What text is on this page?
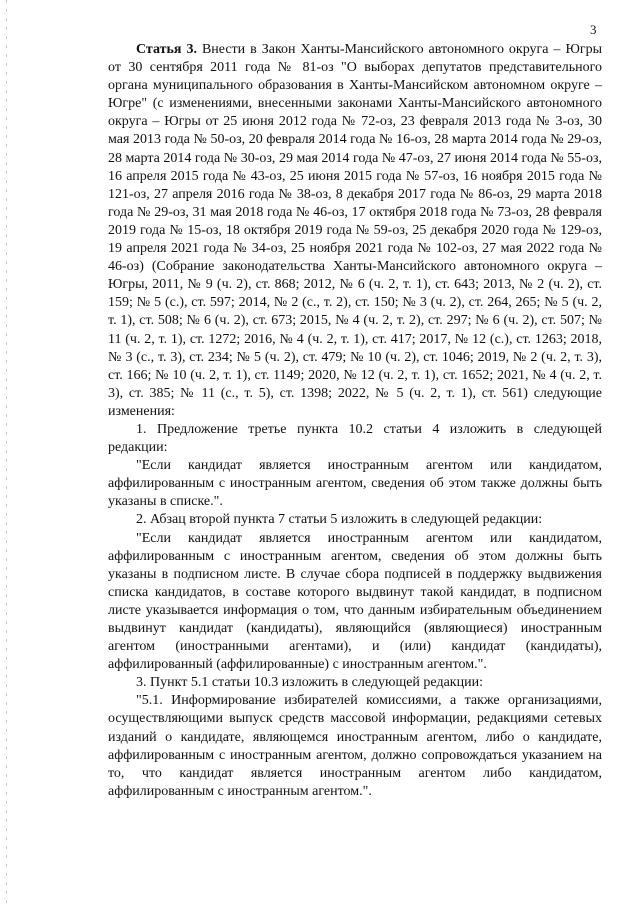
3

Статья 3. Внести в Закон Ханты-Мансийского автономного округа – Югры от 30 сентября 2011 года № 81-оз "О выборах депутатов представительного органа муниципального образования в Ханты-Мансийском автономном округе – Югре" (с изменениями, внесенными законами Ханты-Мансийского автономного округа – Югры от 25 июня 2012 года № 72-оз, 23 февраля 2013 года № 3-оз, 30 мая 2013 года № 50-оз, 20 февраля 2014 года № 16-оз, 28 марта 2014 года № 29-оз, 28 марта 2014 года № 30-оз, 29 мая 2014 года № 47-оз, 27 июня 2014 года № 55-оз, 16 апреля 2015 года № 43-оз, 25 июня 2015 года № 57-оз, 16 ноября 2015 года № 121-оз, 27 апреля 2016 года № 38-оз, 8 декабря 2017 года № 86-оз, 29 марта 2018 года № 29-оз, 31 мая 2018 года № 46-оз, 17 октября 2018 года № 73-оз, 28 февраля 2019 года № 15-оз, 18 октября 2019 года № 59-оз, 25 декабря 2020 года № 129-оз, 19 апреля 2021 года № 34-оз, 25 ноября 2021 года № 102-оз, 27 мая 2022 года № 46-оз) (Собрание законодательства Ханты-Мансийского автономного округа – Югры, 2011, № 9 (ч. 2), ст. 868; 2012, № 6 (ч. 2, т. 1), ст. 643; 2013, № 2 (ч. 2), ст. 159; № 5 (с.), ст. 597; 2014, № 2 (с., т. 2), ст. 150; № 3 (ч. 2), ст. 264, 265; № 5 (ч. 2, т. 1), ст. 508; № 6 (ч. 2), ст. 673; 2015, № 4 (ч. 2, т. 2), ст. 297; № 6 (ч. 2), ст. 507; № 11 (ч. 2, т. 1), ст. 1272; 2016, № 4 (ч. 2, т. 1), ст. 417; 2017, № 12 (с.), ст. 1263; 2018, № 3 (с., т. 3), ст. 234; № 5 (ч. 2), ст. 479; № 10 (ч. 2), ст. 1046; 2019, № 2 (ч. 2, т. 3), ст. 166; № 10 (ч. 2, т. 1), ст. 1149; 2020, № 12 (ч. 2, т. 1), ст. 1652; 2021, № 4 (ч. 2, т. 3), ст. 385; № 11 (с., т. 5), ст. 1398; 2022, № 5 (ч. 2, т. 1), ст. 561) следующие изменения:

1. Предложение третье пункта 10.2 статьи 4 изложить в следующей редакции:

"Если кандидат является иностранным агентом или кандидатом, аффилированным с иностранным агентом, сведения об этом также должны быть указаны в списке.".

2. Абзац второй пункта 7 статьи 5 изложить в следующей редакции:

"Если кандидат является иностранным агентом или кандидатом, аффилированным с иностранным агентом, сведения об этом должны быть указаны в подписном листе. В случае сбора подписей в поддержку выдвижения списка кандидатов, в составе которого выдвинут такой кандидат, в подписном листе указывается информация о том, что данным избирательным объединением выдвинут кандидат (кандидаты), являющийся (являющиеся) иностранным агентом (иностранными агентами), и (или) кандидат (кандидаты), аффилированный (аффилированные) с иностранным агентом.".

3. Пункт 5.1 статьи 10.3 изложить в следующей редакции:

"5.1. Информирование избирателей комиссиями, а также организациями, осуществляющими выпуск средств массовой информации, редакциями сетевых изданий о кандидате, являющемся иностранным агентом, либо о кандидате, аффилированным с иностранным агентом, должно сопровождаться указанием на то, что кандидат является иностранным агентом либо кандидатом, аффилированным с иностранным агентом.".
